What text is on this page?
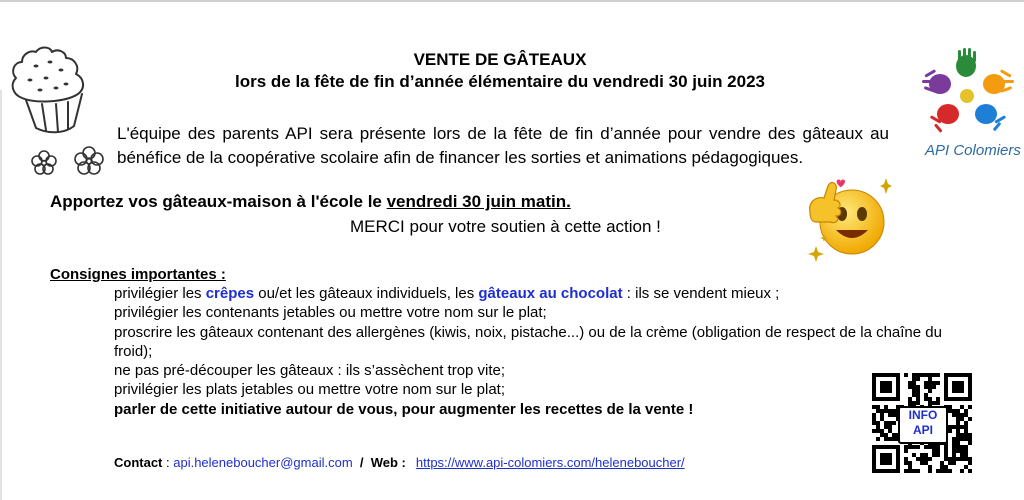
API Colomiers
VENTE DE GÂTEAUX
lors de la fête de fin d’année élémentaire du vendredi 30 juin 2023
L'équipe des parents API sera présente lors de la fête de fin d’année pour vendre des gâteaux au bénéfice de la coopérative scolaire afin de financer les sorties et animations pédagogiques.
Apportez vos gâteaux-maison à l'école le vendredi 30 juin matin.
MERCI pour votre soutien à cette action !
Consignes importantes :
privilégier les crêpes ou/et les gâteaux individuels, les gâteaux au chocolat : ils se vendent mieux ;
privilégier les contenants jetables ou mettre votre nom sur le plat;
proscrire les gâteaux contenant des allergènes (kiwis, noix, pistache...) ou de la crème (obligation de respect de la chaîne du froid);
ne pas pré-découper les gâteaux : ils s’assèchent trop vite;
privilégier les plats jetables ou mettre votre nom sur le plat;
parler de cette initiative autour de vous, pour augmenter les recettes de la vente !
Contact : api.heleneboucher@gmail.com  /  Web : https://www.api-colomiers.com/heleneboucher/
INFO
API
